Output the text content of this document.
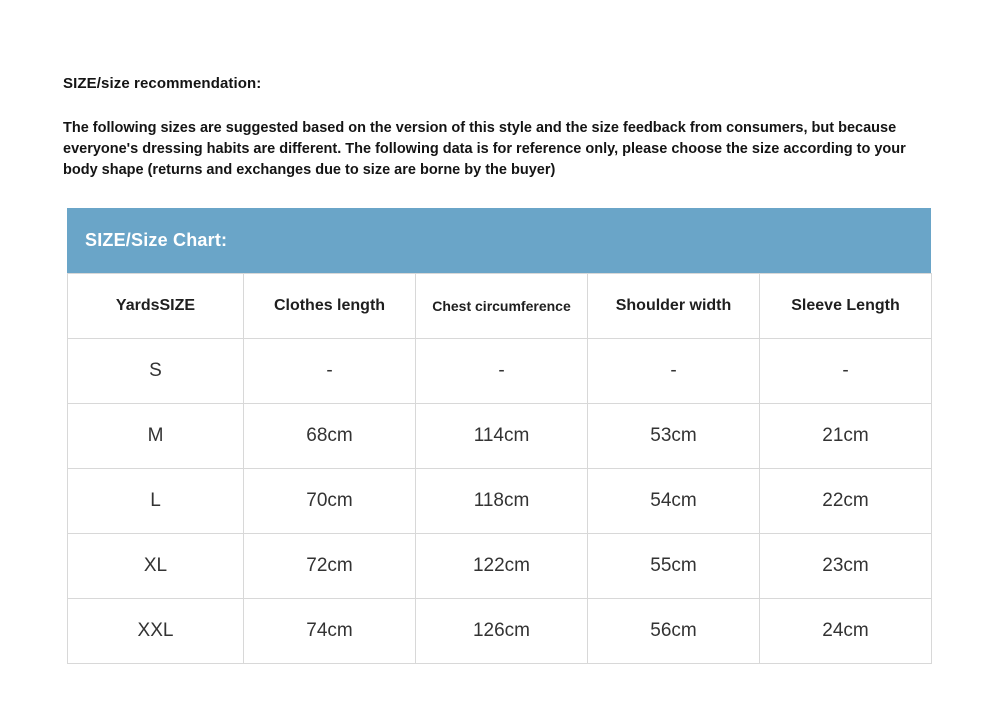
SIZE/size recommendation:
The following sizes are suggested based on the version of this style and the size feedback from consumers, but because everyone's dressing habits are different. The following data is for reference only, please choose the size according to your body shape (returns and exchanges due to size are borne by the buyer)
SIZE/Size Chart:
YardsSIZE	Clothes length	Chest circumference	Shoulder width	Sleeve Length
S	-	-	-	-
M	68cm	114cm	53cm	21cm
L	70cm	118cm	54cm	22cm
XL	72cm	122cm	55cm	23cm
XXL	74cm	126cm	56cm	24cm
